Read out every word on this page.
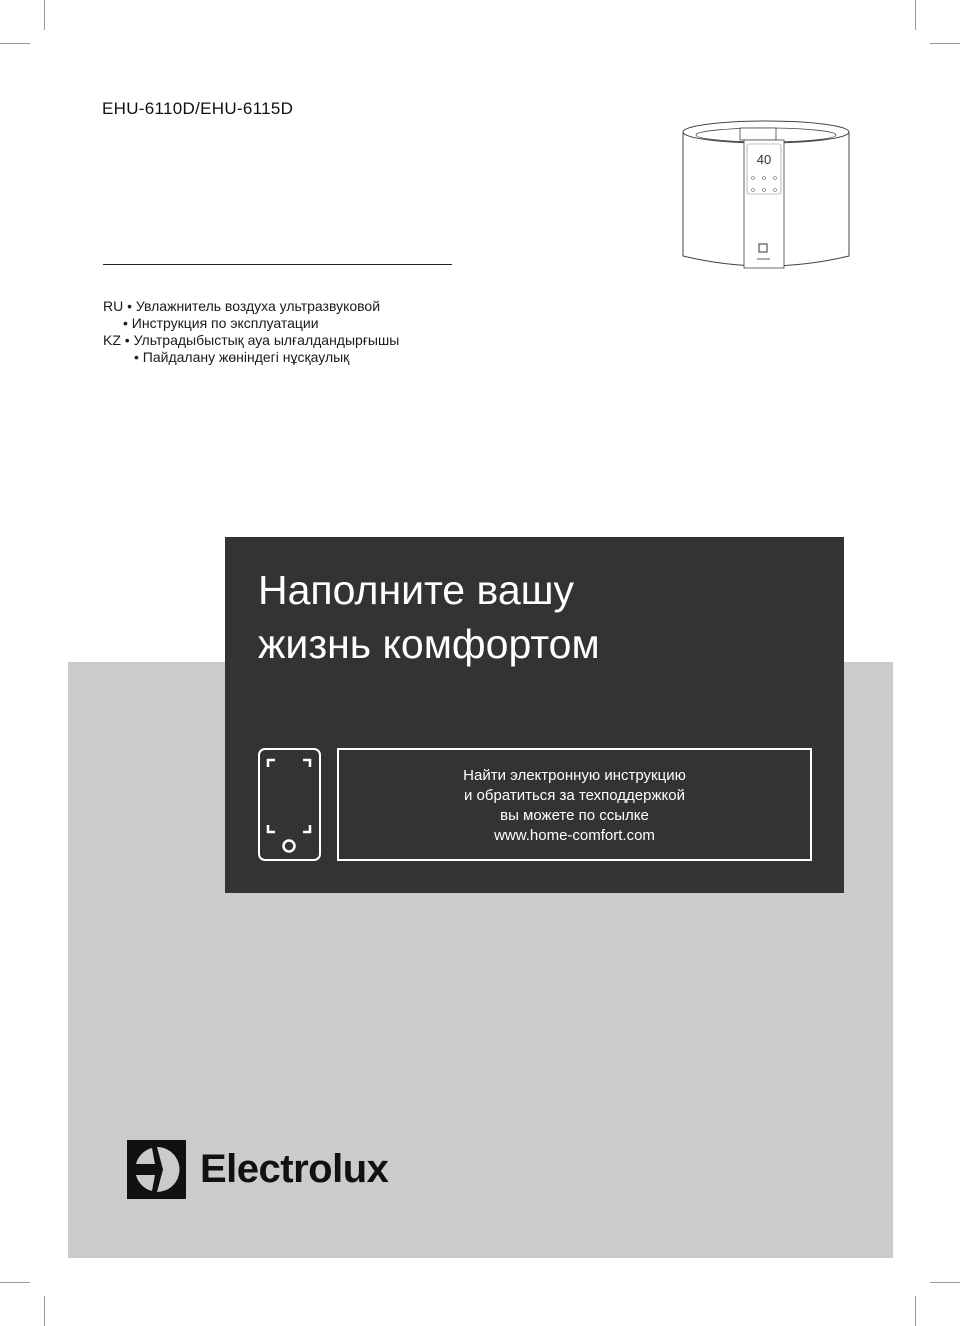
EHU-6110D/EHU-6115D
40
RU • Увлажнитель воздуха ультразвуковой
• Инструкция по эксплуатации
KZ • Ультрадыбыстық ауа ылғалдандырғышы
• Пайдалану жөніндегі нұсқаулық
Наполните вашу
жизнь комфортом
Найти электронную инструкцию
и обратиться за техподдержкой
вы можете по ссылке
www.home-comfort.com
Electrolux
